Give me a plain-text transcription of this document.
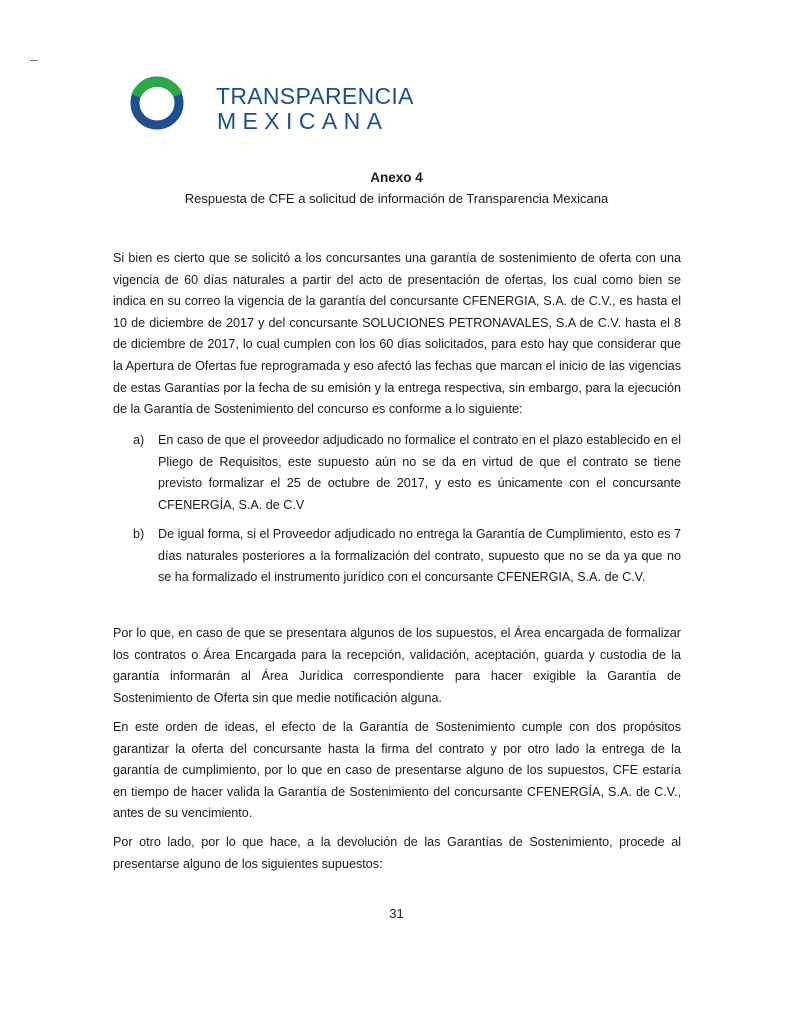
TRANSPARENCIA
MEXICANA
Anexo 4
Respuesta de CFE a solicitud de información de Transparencia Mexicana

Si bien es cierto que se solicitó a los concursantes una garantía de sostenimiento de oferta con una vigencia de 60 días naturales a partir del acto de presentación de ofertas, los cual como bien se indica en su correo la vigencia de la garantía del concursante CFENERGIA, S.A. de C.V., es hasta el 10 de diciembre de 2017 y del concursante SOLUCIONES PETRONAVALES, S.A de C.V. hasta el 8 de diciembre de 2017, lo cual cumplen con los 60 días solicitados, para esto hay que considerar que la Apertura de Ofertas fue reprogramada y eso afectó las fechas que marcan el inicio de las vigencias de estas Garantías por la fecha de su emisión y la entrega respectiva, sin embargo, para la ejecución de la Garantía de Sostenimiento del concurso es conforme a lo siguiente:

a) En caso de que el proveedor adjudicado no formalice el contrato en el plazo establecido en el Pliego de Requisitos, este supuesto aún no se da en virtud de que el contrato se tiene previsto formalizar el 25 de octubre de 2017, y esto es únicamente con el concursante CFENERGÍA, S.A. de C.V

b) De igual forma, si el Proveedor adjudicado no entrega la Garantía de Cumplimiento, esto es 7 días naturales posteriores a la formalización del contrato, supuesto que no se da ya que no se ha formalizado el instrumento jurídico con el concursante CFENERGIA, S.A. de C.V.

Por lo que, en caso de que se presentara algunos de los supuestos, el Área encargada de formalizar los contratos o Área Encargada para la recepción, validación, aceptación, guarda y custodia de la garantía informarán al Área Jurídica correspondiente para hacer exigible la Garantía de Sostenimiento de Oferta sin que medie notificación alguna.

En este orden de ideas, el efecto de la Garantía de Sostenimiento cumple con dos propósitos garantizar la oferta del concursante hasta la firma del contrato y por otro lado la entrega de la garantía de cumplimiento, por lo que en caso de presentarse alguno de los supuestos, CFE estaría en tiempo de hacer valida la Garantía de Sostenimiento del concursante CFENERGÍA, S.A. de C.V., antes de su vencimiento.

Por otro lado, por lo que hace, a la devolución de las Garantías de Sostenimiento, procede al presentarse alguno de los siguientes supuestos:

31
